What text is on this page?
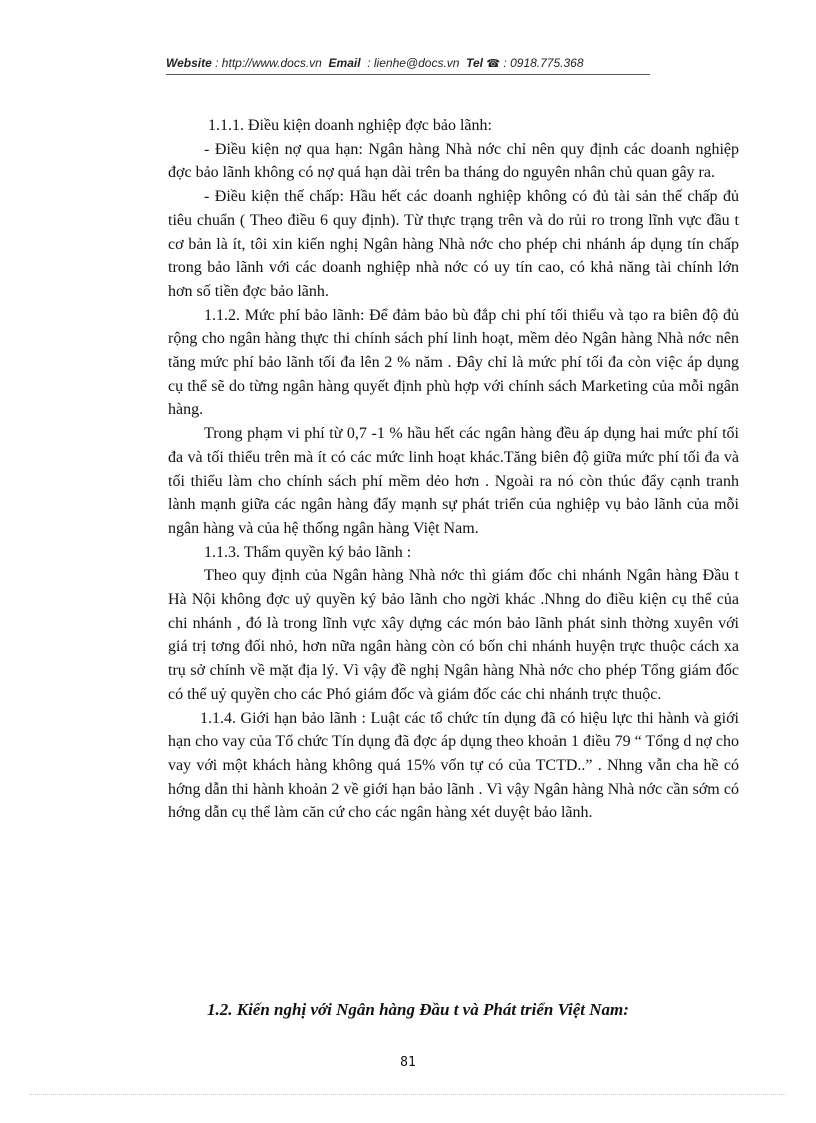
Website : http://www.docs.vn Email : lienhe@docs.vn Tel ☎ : 0918.775.368

1.1.1. Điều kiện doanh nghiệp đợc bảo lãnh:

- Điều kiện nợ qua hạn: Ngân hàng Nhà nớc chỉ nên quy định các doanh nghiệp đợc bảo lãnh không có nợ quá hạn dài trên ba tháng do nguyên nhân chủ quan gây ra.

- Điều kiện thế chấp: Hầu hết các doanh nghiệp không có đủ tài sản thế chấp đủ tiêu chuẩn ( Theo điều 6 quy định). Từ thực trạng trên và do rủi ro trong lĩnh vực đầu t cơ bản là ít, tôi xin kiến nghị Ngân hàng Nhà nớc cho phép chi nhánh áp dụng tín chấp trong bảo lãnh với các doanh nghiệp nhà nớc có uy tín cao, có khả năng tài chính lớn hơn số tiền đợc bảo lãnh.

1.1.2. Mức phí bảo lãnh: Để đảm bảo bù đắp chi phí tối thiểu và tạo ra biên độ đủ rộng cho ngân hàng thực thi chính sách phí linh hoạt, mềm dẻo Ngân hàng Nhà nớc nên tăng mức phí bảo lãnh tối đa lên 2 % năm . Đây chỉ là mức phí tối đa còn việc áp dụng cụ thể sẽ do từng ngân hàng quyết định phù hợp với chính sách Marketing của mỗi ngân hàng.

Trong phạm vi phí từ 0,7 -1 % hầu hết các ngân hàng đều áp dụng hai mức phí tối đa và tối thiểu trên mà ít có các mức linh hoạt khác.Tăng biên độ giữa mức phí tối đa và tối thiểu làm cho chính sách phí mềm dẻo hơn . Ngoài ra nó còn thúc đẩy cạnh tranh lành mạnh giữa các ngân hàng đẩy mạnh sự phát triển của nghiệp vụ bảo lãnh của mỗi ngân hàng và của hệ thống ngân hàng Việt Nam.

1.1.3. Thẩm quyền ký bảo lãnh :

Theo quy định của Ngân hàng Nhà nớc thì giám đốc chi nhánh Ngân hàng Đầu t Hà Nội không đợc uỷ quyền ký bảo lãnh cho ngời khác .Nhng do điều kiện cụ thể của chi nhánh , đó là trong lĩnh vực xây dựng các món bảo lãnh phát sinh thờng xuyên với giá trị tơng đối nhỏ, hơn nữa ngân hàng còn có bốn chi nhánh huyện trực thuộc cách xa trụ sở chính về mặt địa lý. Vì vậy đề nghị Ngân hàng Nhà nớc cho phép Tổng giám đốc có thể uỷ quyền cho các Phó giám đốc và giám đốc các chi nhánh trực thuộc.

1.1.4. Giới hạn bảo lãnh : Luật các tổ chức tín dụng đã có hiệu lực thi hành và giới hạn cho vay của Tổ chức Tín dụng đã đợc áp dụng theo khoản 1 điều 79 “ Tổng d nợ cho vay với một khách hàng không quá 15% vốn tự có của TCTD..” . Nhng vẫn cha hề có hớng dẫn thi hành khoản 2 về giới hạn bảo lãnh . Vì vậy Ngân hàng Nhà nớc cần sớm có hớng dẫn cụ thể làm căn cứ cho các ngân hàng xét duyệt bảo lãnh.

1.2. Kiến nghị với Ngân hàng Đầu t và Phát triển Việt Nam:
81
